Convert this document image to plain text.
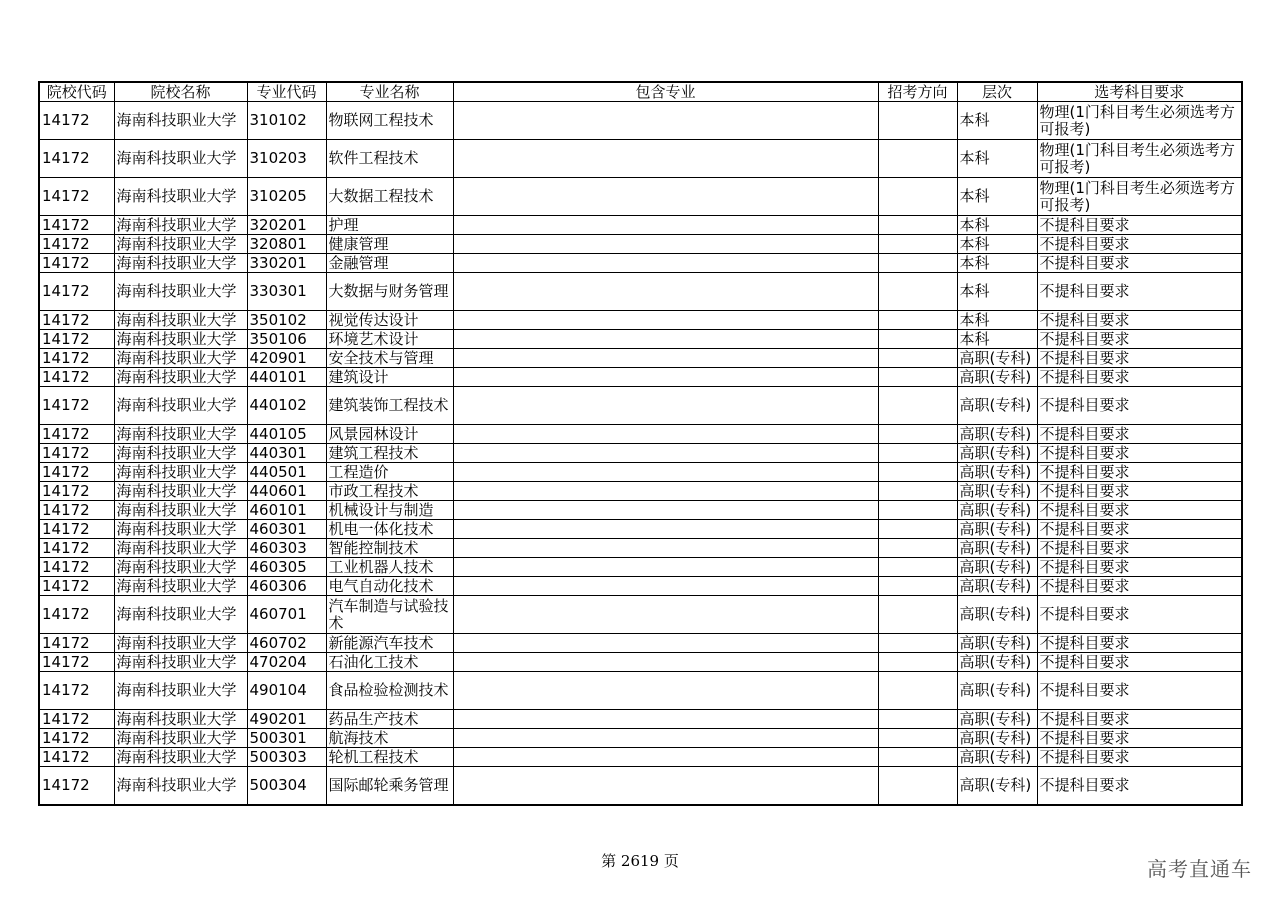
院校代码	院校名称	专业代码	专业名称	包含专业	招考方向	层次	选考科目要求

14172	海南科技职业大学	310102	物联网工程技术			本科	物理(1门科目考生必须选考方可报考)

14172	海南科技职业大学	310203	软件工程技术			本科	物理(1门科目考生必须选考方可报考)

14172	海南科技职业大学	310205	大数据工程技术			本科	物理(1门科目考生必须选考方可报考)

14172	海南科技职业大学	320201	护理			本科	不提科目要求

14172	海南科技职业大学	320801	健康管理			本科	不提科目要求

14172	海南科技职业大学	330201	金融管理			本科	不提科目要求

14172	海南科技职业大学	330301	大数据与财务管理			本科	不提科目要求

14172	海南科技职业大学	350102	视觉传达设计			本科	不提科目要求

14172	海南科技职业大学	350106	环境艺术设计			本科	不提科目要求

14172	海南科技职业大学	420901	安全技术与管理			高职(专科)	不提科目要求

14172	海南科技职业大学	440101	建筑设计			高职(专科)	不提科目要求

14172	海南科技职业大学	440102	建筑装饰工程技术			高职(专科)	不提科目要求

14172	海南科技职业大学	440105	风景园林设计			高职(专科)	不提科目要求

14172	海南科技职业大学	440301	建筑工程技术			高职(专科)	不提科目要求

14172	海南科技职业大学	440501	工程造价			高职(专科)	不提科目要求

14172	海南科技职业大学	440601	市政工程技术			高职(专科)	不提科目要求

14172	海南科技职业大学	460101	机械设计与制造			高职(专科)	不提科目要求

14172	海南科技职业大学	460301	机电一体化技术			高职(专科)	不提科目要求

14172	海南科技职业大学	460303	智能控制技术			高职(专科)	不提科目要求

14172	海南科技职业大学	460305	工业机器人技术			高职(专科)	不提科目要求

14172	海南科技职业大学	460306	电气自动化技术			高职(专科)	不提科目要求

14172	海南科技职业大学	460701	汽车制造与试验技术			高职(专科)	不提科目要求

14172	海南科技职业大学	460702	新能源汽车技术			高职(专科)	不提科目要求

14172	海南科技职业大学	470204	石油化工技术			高职(专科)	不提科目要求

14172	海南科技职业大学	490104	食品检验检测技术			高职(专科)	不提科目要求

14172	海南科技职业大学	490201	药品生产技术			高职(专科)	不提科目要求

14172	海南科技职业大学	500301	航海技术			高职(专科)	不提科目要求

14172	海南科技职业大学	500303	轮机工程技术			高职(专科)	不提科目要求

14172	海南科技职业大学	500304	国际邮轮乘务管理			高职(专科)	不提科目要求
第 2619 页	高考直通车
